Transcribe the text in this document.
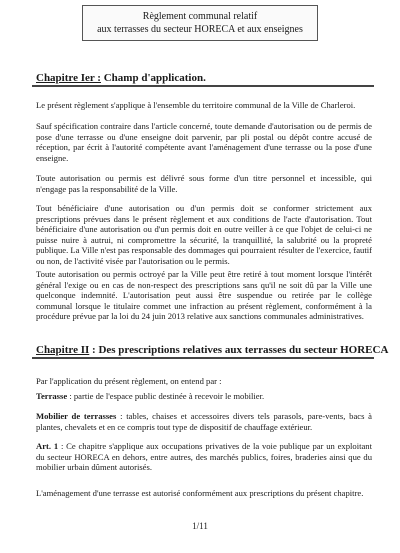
Règlement communal relatif
aux terrasses du secteur HORECA et aux enseignes
Chapitre Ier : Champ d'application.

Le présent règlement s'applique à l'ensemble du territoire communal de la Ville de Charleroi.

Sauf spécification contraire dans l'article concerné, toute demande d'autorisation ou de permis de pose d'une terrasse ou d'une enseigne doit parvenir, par pli postal ou dépôt contre accusé de réception, par écrit à l'autorité compétente avant l'aménagement d'une terrasse ou la pose d'une enseigne.

Toute autorisation ou permis est délivré sous forme d'un titre personnel et incessible, qui n'engage pas la responsabilité de la Ville.

Tout bénéficiaire d'une autorisation ou d'un permis doit se conformer strictement aux prescriptions prévues dans le présent règlement et aux conditions de l'acte d'autorisation. Tout bénéficiaire d'une autorisation ou d'un permis doit en outre veiller à ce que l'objet de celui-ci ne puisse nuire à autrui, ni compromettre la sécurité, la tranquillité, la salubrité ou la propreté publique. La Ville n'est pas responsable des dommages qui pourraient résulter de l'exercice, fautif ou non, de l'activité visée par l'autorisation ou le permis.

Toute autorisation ou permis octroyé par la Ville peut être retiré à tout moment lorsque l'intérêt général l'exige ou en cas de non-respect des prescriptions sans qu'il ne soit dû par la Ville une quelconque indemnité. L'autorisation peut aussi être suspendue ou retirée par le collège communal lorsque le titulaire commet une infraction au présent règlement, conformément à la procédure prévue par la loi du 24 juin 2013 relative aux sanctions communales administratives.

Chapitre II : Des prescriptions relatives aux terrasses du secteur HORECA

Par l'application du présent règlement, on entend par :

Terrasse : partie de l'espace public destinée à recevoir le mobilier.

Mobilier de terrasses : tables, chaises et accessoires divers tels parasols, pare-vents, bacs à plantes, chevalets et en ce compris tout type de dispositif de chauffage extérieur.

Art. 1 : Ce chapitre s'applique aux occupations privatives de la voie publique par un exploitant du secteur HORECA en dehors, entre autres, des marchés publics, foires, braderies ainsi que du mobilier urbain dûment autorisés.

L'aménagement d'une terrasse est autorisé conformément aux prescriptions du présent chapitre.

1/11
